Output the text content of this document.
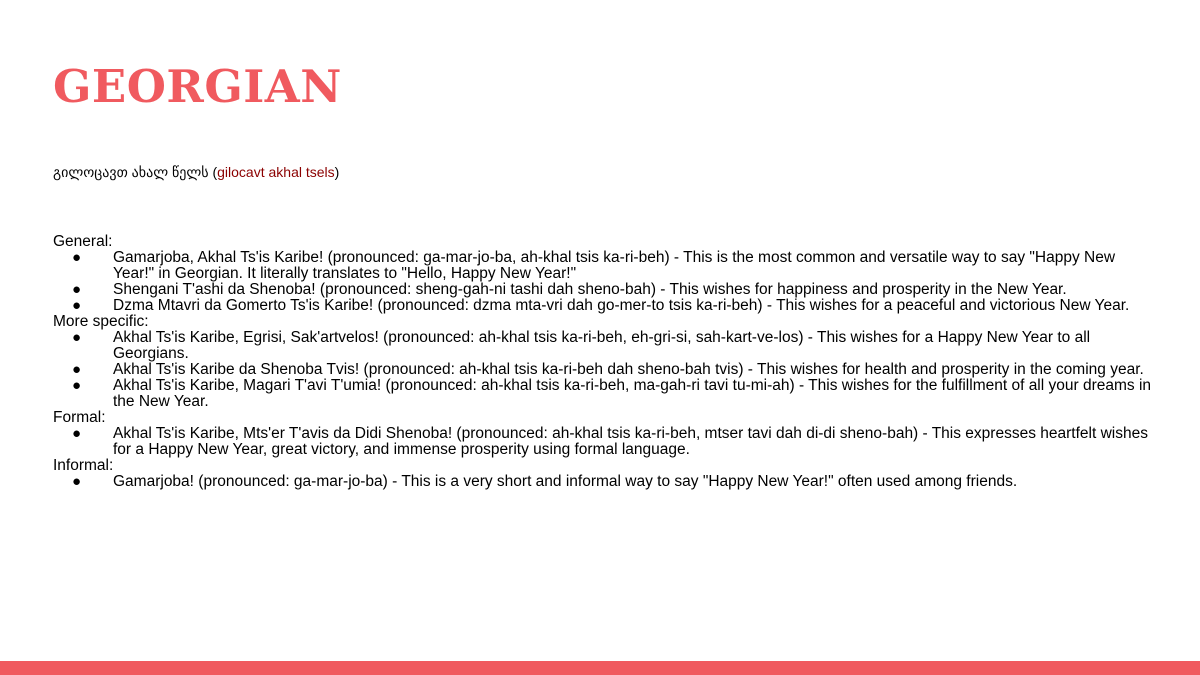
GEORGIAN
გილოცავთ ახალ წელს (gilocavt akhal tsels)
General:
● Gamarjoba, Akhal Ts'is Karibe! (pronounced: ga-mar-jo-ba, ah-khal tsis ka-ri-beh) - This is the most common and versatile way to say "Happy New Year!" in Georgian. It literally translates to "Hello, Happy New Year!"
● Shengani T'ashi da Shenoba! (pronounced: sheng-gah-ni tashi dah sheno-bah) - This wishes for happiness and prosperity in the New Year.
● Dzma Mtavri da Gomerto Ts'is Karibe! (pronounced: dzma mta-vri dah go-mer-to tsis ka-ri-beh) - This wishes for a peaceful and victorious New Year.
More specific:
● Akhal Ts'is Karibe, Egrisi, Sak'artvelos! (pronounced: ah-khal tsis ka-ri-beh, eh-gri-si, sah-kart-ve-los) - This wishes for a Happy New Year to all Georgians.
● Akhal Ts'is Karibe da Shenoba Tvis! (pronounced: ah-khal tsis ka-ri-beh dah sheno-bah tvis) - This wishes for health and prosperity in the coming year.
● Akhal Ts'is Karibe, Magari T'avi T'umia! (pronounced: ah-khal tsis ka-ri-beh, ma-gah-ri tavi tu-mi-ah) - This wishes for the fulfillment of all your dreams in the New Year.
Formal:
● Akhal Ts'is Karibe, Mts'er T'avis da Didi Shenoba! (pronounced: ah-khal tsis ka-ri-beh, mtser tavi dah di-di sheno-bah) - This expresses heartfelt wishes for a Happy New Year, great victory, and immense prosperity using formal language.
Informal:
● Gamarjoba! (pronounced: ga-mar-jo-ba) - This is a very short and informal way to say "Happy New Year!" often used among friends.
